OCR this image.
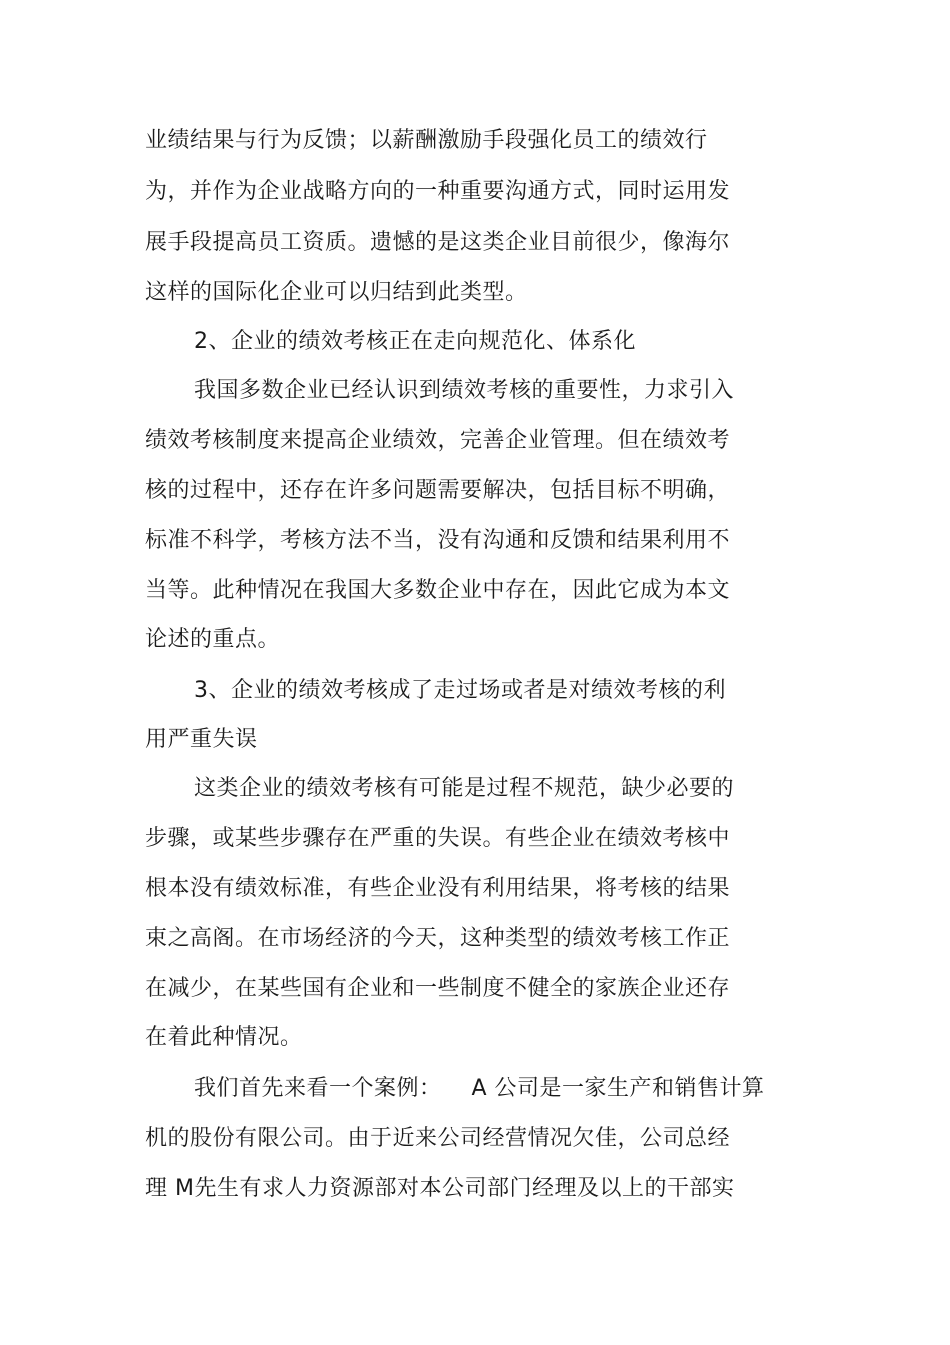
业绩结果与行为反馈；以薪酬激励手段强化员工的绩效行
为，并作为企业战略方向的一种重要沟通方式，同时运用发
展手段提高员工资质。遗憾的是这类企业目前很少，像海尔
这样的国际化企业可以归结到此类型。
2、企业的绩效考核正在走向规范化、体系化
我国多数企业已经认识到绩效考核的重要性，力求引入
绩效考核制度来提高企业绩效，完善企业管理。但在绩效考
核的过程中，还存在许多问题需要解决，包括目标不明确，
标准不科学，考核方法不当，没有沟通和反馈和结果利用不
当等。此种情况在我国大多数企业中存在，因此它成为本文
论述的重点。
3、企业的绩效考核成了走过场或者是对绩效考核的利
用严重失误
这类企业的绩效考核有可能是过程不规范，缺少必要的
步骤，或某些步骤存在严重的失误。有些企业在绩效考核中
根本没有绩效标准，有些企业没有利用结果，将考核的结果
束之高阁。在市场经济的今天，这种类型的绩效考核工作正
在减少，在某些国有企业和一些制度不健全的家族企业还存
在着此种情况。
我们首先来看一个案例：    A 公司是一家生产和销售计算
机的股份有限公司。由于近来公司经营情况欠佳，公司总经
理 M先生有求人力资源部对本公司部门经理及以上的干部实
